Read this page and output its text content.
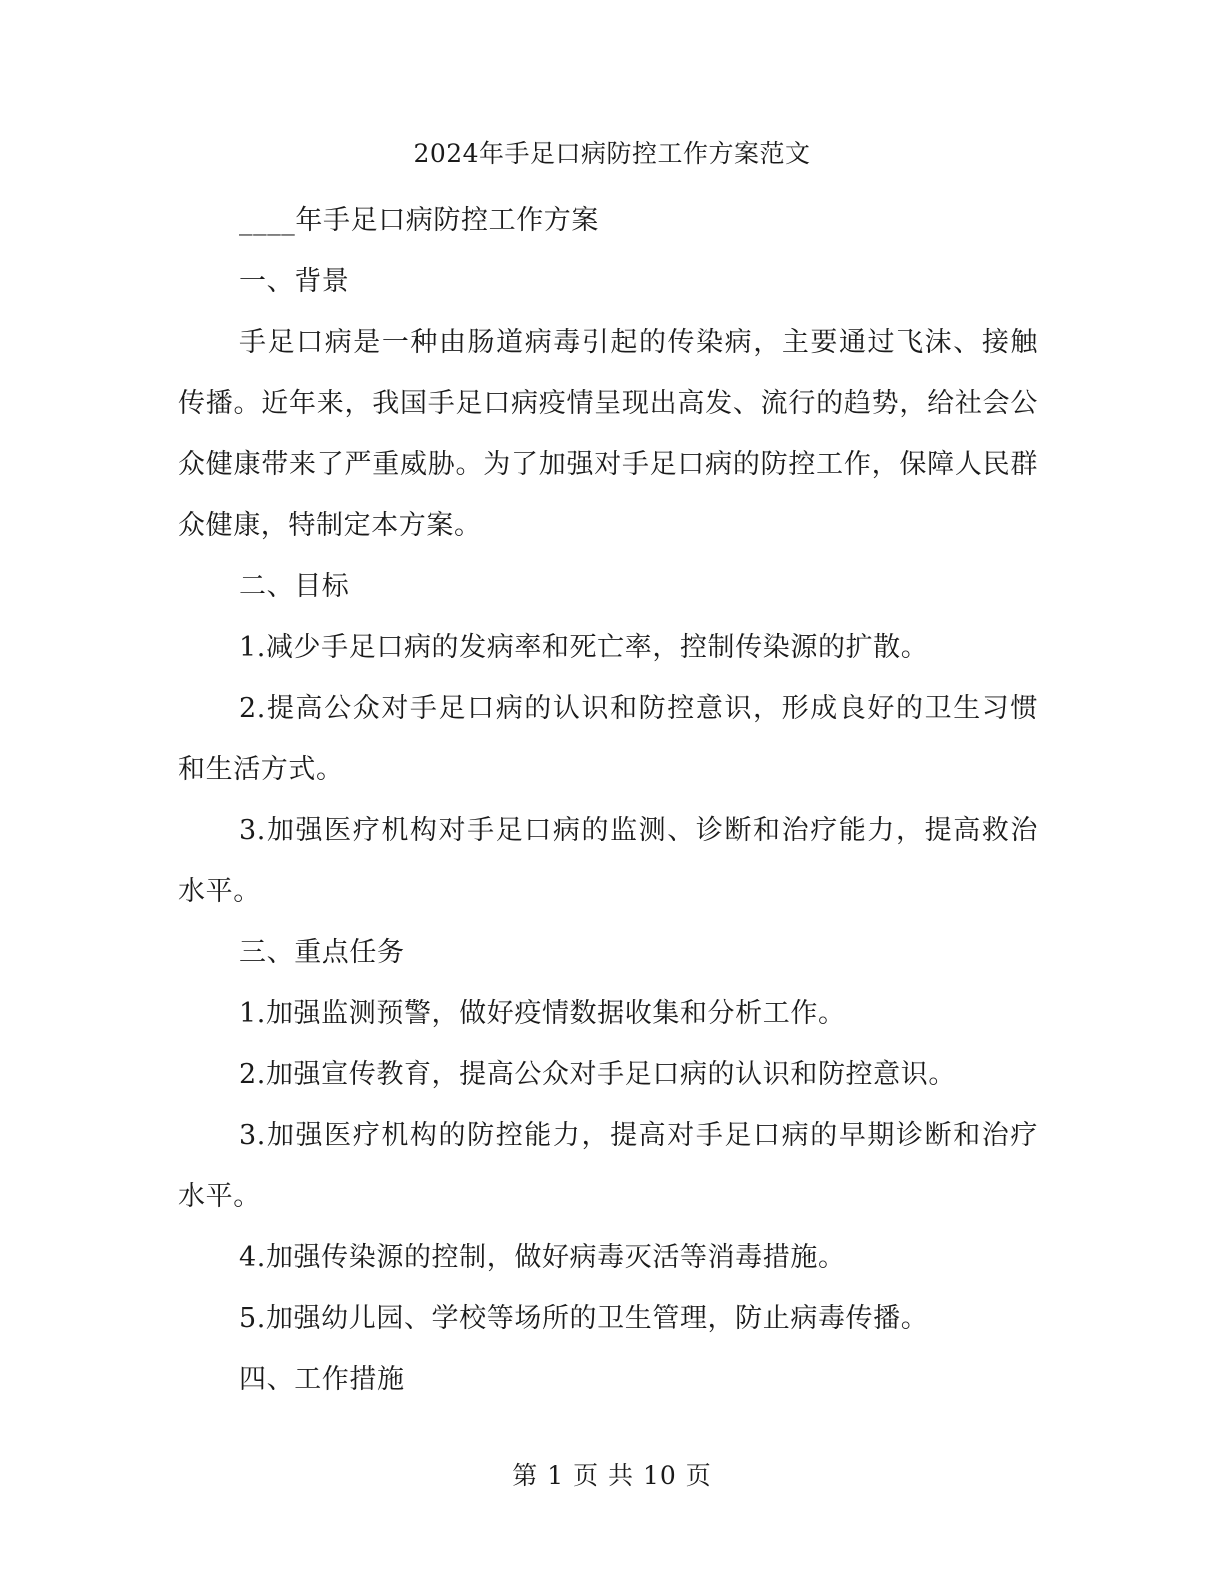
2024年手足口病防控工作方案范文

____年手足口病防控工作方案

一、背景

手足口病是一种由肠道病毒引起的传染病，主要通过飞沫、接触传播。近年来，我国手足口病疫情呈现出高发、流行的趋势，给社会公众健康带来了严重威胁。为了加强对手足口病的防控工作，保障人民群众健康，特制定本方案。

二、目标

1.减少手足口病的发病率和死亡率，控制传染源的扩散。

2.提高公众对手足口病的认识和防控意识，形成良好的卫生习惯和生活方式。

3.加强医疗机构对手足口病的监测、诊断和治疗能力，提高救治水平。

三、重点任务

1.加强监测预警，做好疫情数据收集和分析工作。

2.加强宣传教育，提高公众对手足口病的认识和防控意识。

3.加强医疗机构的防控能力，提高对手足口病的早期诊断和治疗水平。

4.加强传染源的控制，做好病毒灭活等消毒措施。

5.加强幼儿园、学校等场所的卫生管理，防止病毒传播。

四、工作措施

第 1 页 共 10 页
